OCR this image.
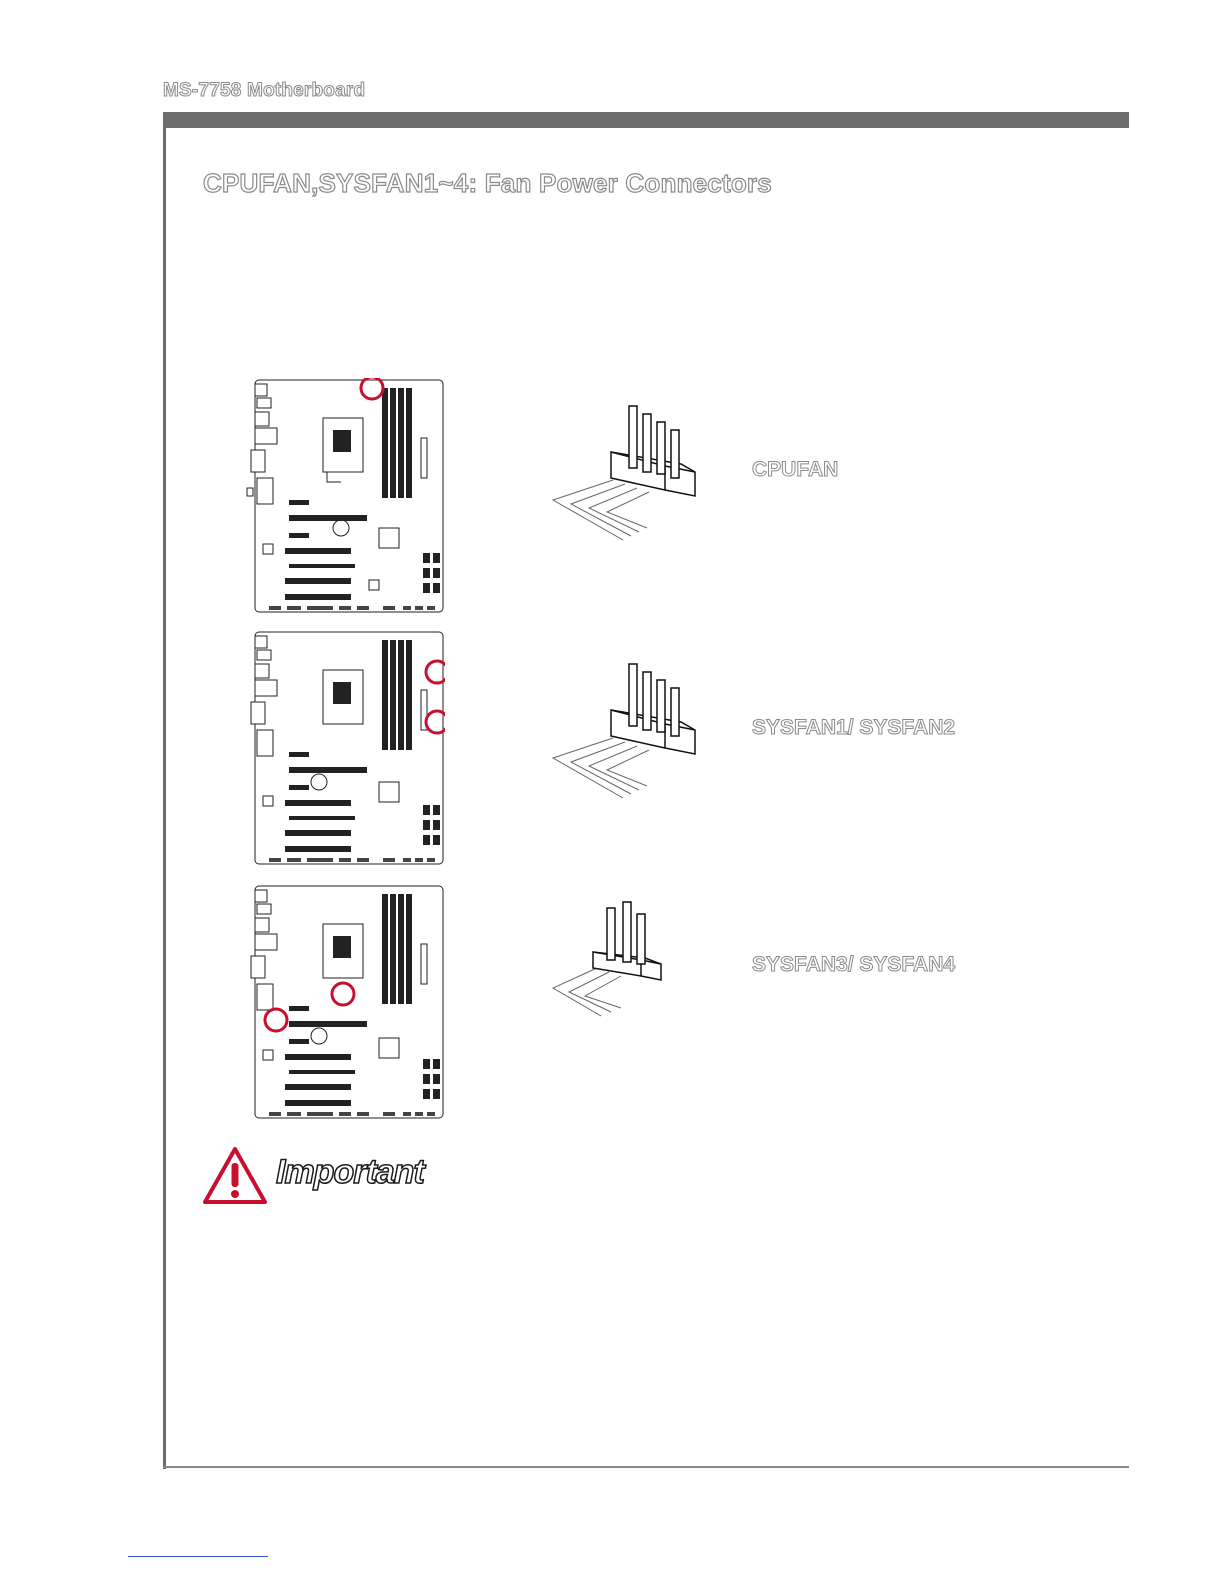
MS-7758 Motherboard
CPUFAN,SYSFAN1~4: Fan Power Connectors
CPUFAN
SYSFAN1/ SYSFAN2
SYSFAN3/ SYSFAN4
Important
